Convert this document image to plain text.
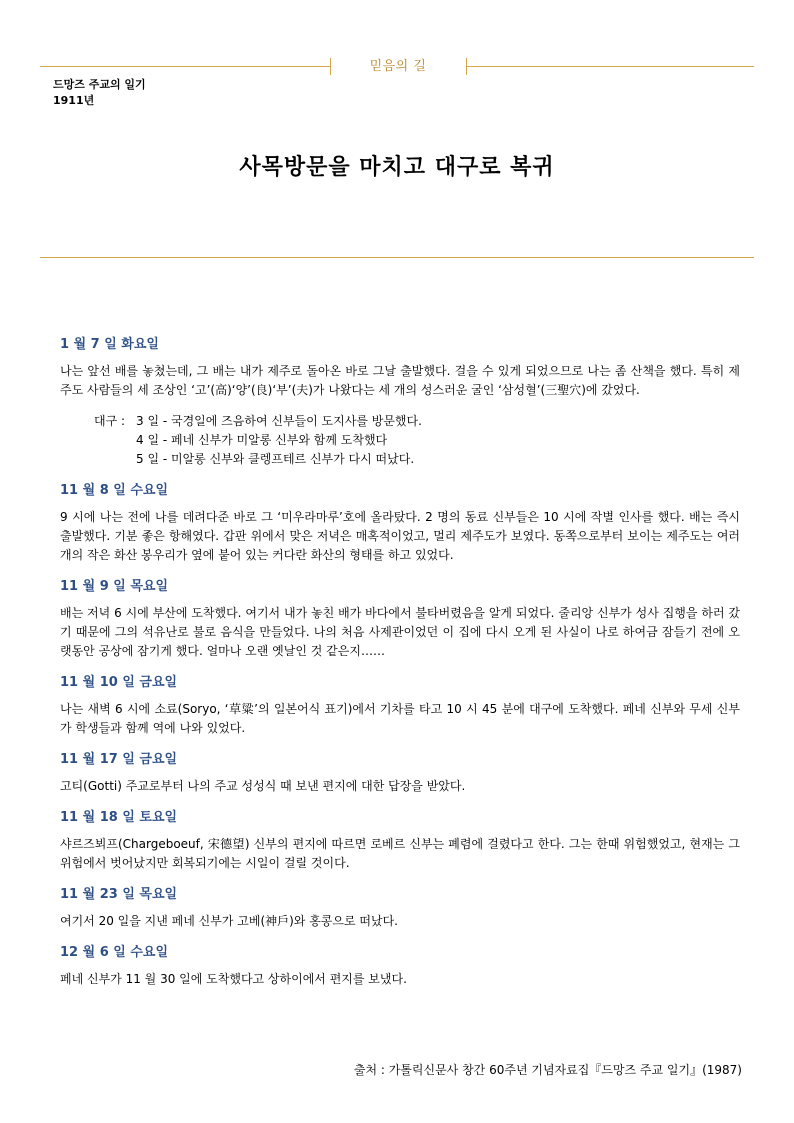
믿음의 길
드망즈 주교의 일기
1911년
사목방문을 마치고 대구로 복귀
1 월 7 일 화요일

나는 앞선 배를 놓쳤는데, 그 배는 내가 제주로 돌아온 바로 그날 출발했다. 걸을 수 있게 되었으므로 나는 좀 산책을 했다. 특히 제주도 사람들의 세 조상인 ‘고’(高)‘양’(良)‘부’(夫)가 나왔다는 세 개의 성스러운 굴인 ‘삼성혈’(三聖穴)에 갔었다.

대구 : 3 일 - 국경일에 즈음하여 신부들이 도지사를 방문했다.
4 일 - 페네 신부가 미알롱 신부와 함께 도착했다
5 일 - 미알롱 신부와 클렝프테르 신부가 다시 떠났다.
11 월 8 일 수요일

9 시에 나는 전에 나를 데려다준 바로 그 ‘미우라마루’호에 올라탔다. 2 명의 동료 신부들은 10 시에 작별 인사를 했다. 배는 즉시 출발했다. 기분 좋은 항해였다. 갑판 위에서 맞은 저녁은 매혹적이었고, 멀리 제주도가 보였다. 동쪽으로부터 보이는 제주도는 여러 개의 작은 화산 봉우리가 옆에 붙어 있는 커다란 화산의 형태를 하고 있었다.

11 월 9 일 목요일

배는 저녁 6 시에 부산에 도착했다. 여기서 내가 놓친 배가 바다에서 불타버렸음을 알게 되었다. 줄리앙 신부가 성사 집행을 하러 갔기 때문에 그의 석유난로 불로 음식을 만들었다. 나의 처음 사제관이었던 이 집에 다시 오게 된 사실이 나로 하여금 잠들기 전에 오랫동안 공상에 잠기게 했다. 얼마나 오랜 옛날인 것 같은지……

11 월 10 일 금요일

나는 새벽 6 시에 소료(Soryo, ‘草粱’의 일본어식 표기)에서 기차를 타고 10 시 45 분에 대구에 도착했다. 페네 신부와 무세 신부가 학생들과 함께 역에 나와 있었다.

11 월 17 일 금요일

고티(Gotti) 주교로부터 나의 주교 성성식 때 보낸 편지에 대한 답장을 받았다.

11 월 18 일 토요일

샤르즈뵈프(Chargeboeuf, 宋德望) 신부의 편지에 따르면 로베르 신부는 폐렴에 걸렸다고 한다. 그는 한때 위험했었고, 현재는 그 위험에서 벗어났지만 회복되기에는 시일이 걸릴 것이다.

11 월 23 일 목요일

여기서 20 일을 지낸 페네 신부가 고베(神戶)와 홍콩으로 떠났다.

12 월 6 일 수요일

페네 신부가 11 월 30 일에 도착했다고 상하이에서 편지를 보냈다.

출처 : 가톨릭신문사 창간 60주년 기념자료집『드망즈 주교 일기』(1987)
